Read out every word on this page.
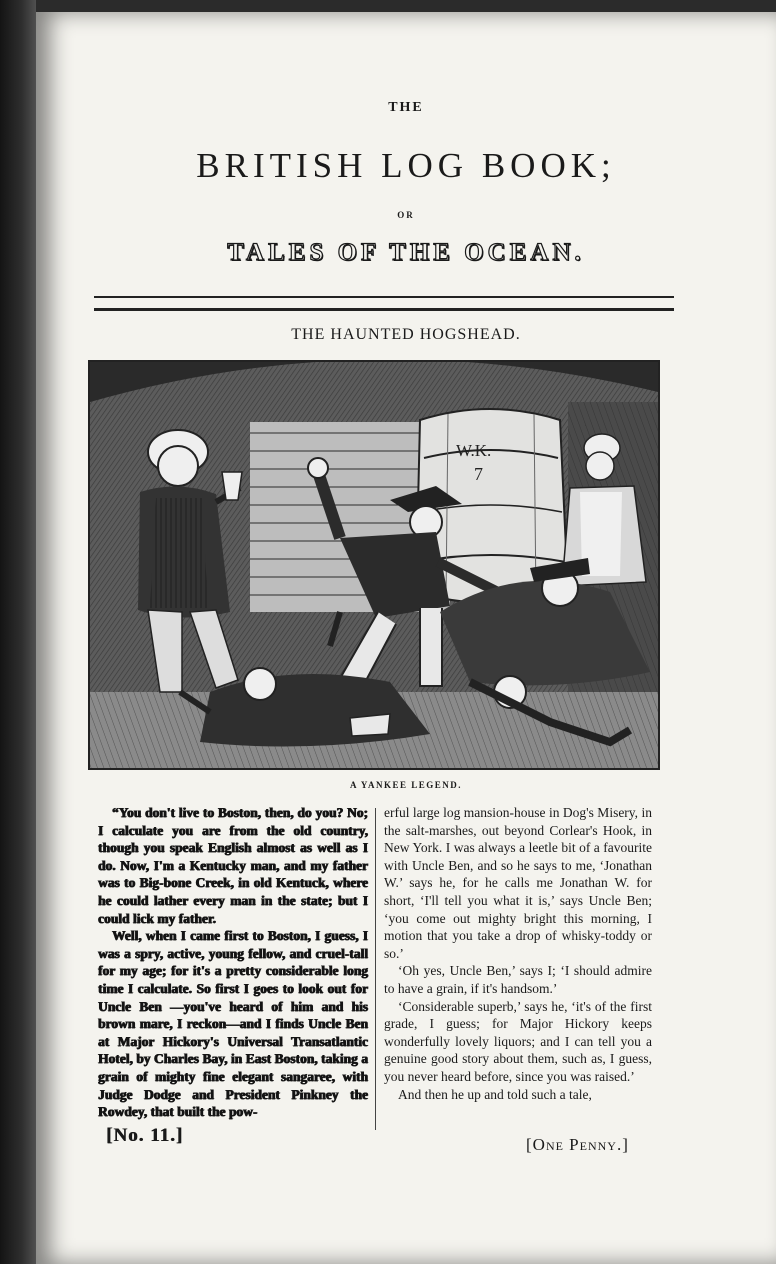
THE
BRITISH LOG BOOK;
OR
TALES OF THE OCEAN.
THE HAUNTED HOGSHEAD.
W.K.
7
A YANKEE LEGEND.

“You don't live to Boston, then, do you? No; I calculate you are from the old country, though you speak English almost as well as I do. Now, I'm a Kentucky man, and my father was to Big-bone Creek, in old Kentuck, where he could lather every man in the state; but I could lick my father.

Well, when I came first to Boston, I guess, I was a spry, active, young fellow, and cruel-tall for my age; for it's a pretty considerable long time I calculate. So first I goes to look out for Uncle Ben —you've heard of him and his brown mare, I reckon—and I finds Uncle Ben at Major Hickory's Universal Transatlantic Hotel, by Charles Bay, in East Boston, taking a grain of mighty fine elegant sangaree, with Judge Dodge and President Pinkney the Rowdey, that built the pow-

erful large log mansion-house in Dog's Misery, in the salt-marshes, out beyond Corlear's Hook, in New York. I was always a leetle bit of a favourite with Uncle Ben, and so he says to me, ‘Jonathan W.’ says he, for he calls me Jonathan W. for short, ‘I'll tell you what it is,’ says Uncle Ben; ‘you come out mighty bright this morning, I motion that you take a drop of whisky-toddy or so.’

‘Oh yes, Uncle Ben,’ says I; ‘I should admire to have a grain, if it's handsom.’

‘Considerable superb,’ says he, ‘it's of the first grade, I guess; for Major Hickory keeps wonderfully lovely liquors; and I can tell you a genuine good story about them, such as, I guess, you never heard before, since you was raised.’

And then he up and told such a tale,

[No. 11.]	[One Penny.]
